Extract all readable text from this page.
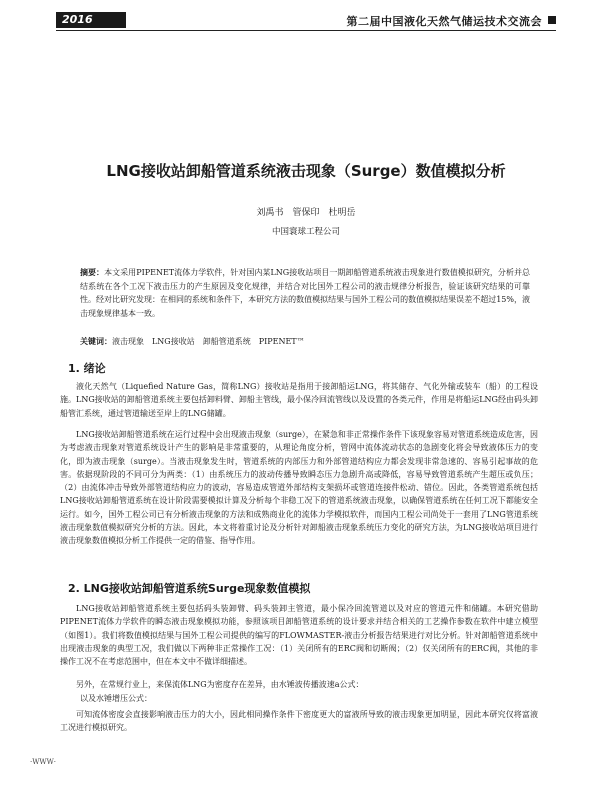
2016	第二届中国液化天然气储运技术交流会
LNG接收站卸船管道系统液击现象（Surge）数值模拟分析
刘禹书　管保印　杜明岳
中国寰球工程公司
摘要：本文采用PIPENET流体力学软件，针对国内某LNG接收站项目一期卸船管道系统液击现象进行数值模拟研究，分析并总结系统在各个工况下液击压力的产生原因及变化规律，并结合对比国外工程公司的液击规律分析报告，验证该研究结果的可靠性。经对比研究发现：在相同的系统和条件下，本研究方法的数值模拟结果与国外工程公司的数值模拟结果误差不超过15%，液击现象规律基本一致。
关键词：液击现象　LNG接收站　卸船管道系统　PIPENET™
1. 绪论

液化天然气（Liquefied Nature Gas，简称LNG）接收站是指用于接卸船运LNG，将其储存、气化外输或装车（船）的工程设施。LNG接收站的卸船管道系统主要包括卸料臂、卸船主管线，最小保冷回流管线以及设置的各类元件，作用是将船运LNG经由码头卸船管汇系统，通过管道输送至岸上的LNG储罐。

LNG接收站卸船管道系统在运行过程中会出现液击现象（surge），在紧急和非正常操作条件下该现象容易对管道系统造成危害，因为考虑液击现象对管道系统设计产生的影响是非常重要的，从理论角度分析，管网中流体流动状态的急剧变化将会导致液体压力的变化，即为液击现象（surge）。当液击现象发生时，管道系统的内部压力和外部管道结构应力都会发现非常急速的、容易引起事故的危害。依据现阶段的不同可分为两类：（1）由系统压力的波动传播导致瞬态压力急剧升高或降低，容易导致管道系统产生超压或负压；（2）由流体冲击导致外部管道结构应力的波动，容易造成管道外部结构支架损坏或管道连接件松动、错位。因此，各类管道系统包括LNG接收站卸船管道系统在设计阶段需要模拟计算及分析每个非稳工况下的管道系统液击现象，以确保管道系统在任何工况下都能安全运行。如今，国外工程公司已有分析液击现象的方法和成熟商业化的流体力学模拟软件，而国内工程公司尚处于一套用了LNG管道系统液击现象数值模拟研究分析的方法。因此，本文将着重讨论及分析针对卸船液击现象系统压力变化的研究方法，为LNG接收站项目进行液击现象数值模拟分析工作提供一定的借鉴、指导作用。

2. LNG接收站卸船管道系统Surge现象数值模拟

LNG接收站卸船管道系统主要包括码头装卸臂、码头装卸主管道，最小保冷回流管道以及对应的管道元件和储罐。本研究借助PIPENET流体力学软件的瞬态液击现象模拟功能，参照该项目卸船管道系统的设计要求并结合相关的工艺操作参数在软件中建立模型（如图1）。我们将数值模拟结果与国外工程公司提供的编写的FLOWMASTER-液击分析报告结果进行对比分析。针对卸船管道系统中出现液击现象的典型工况，我们做以下两种非正常操作工况：（1）关闭所有的ERC阀和切断阀；（2）仅关闭所有的ERC阀，其他的非操作工况不在考虑范围中，但在本文中不做详细描述。

另外，在常规行业上，来保流体LNG为密度存在差异，由水锤波传播波速a公式：

以及水锤增压公式：

可知流体密度会直接影响液击压力的大小，因此相同操作条件下密度更大的富液所导致的液击现象更加明显，因此本研究仅将富液工况进行模拟研究。

·WWW·
